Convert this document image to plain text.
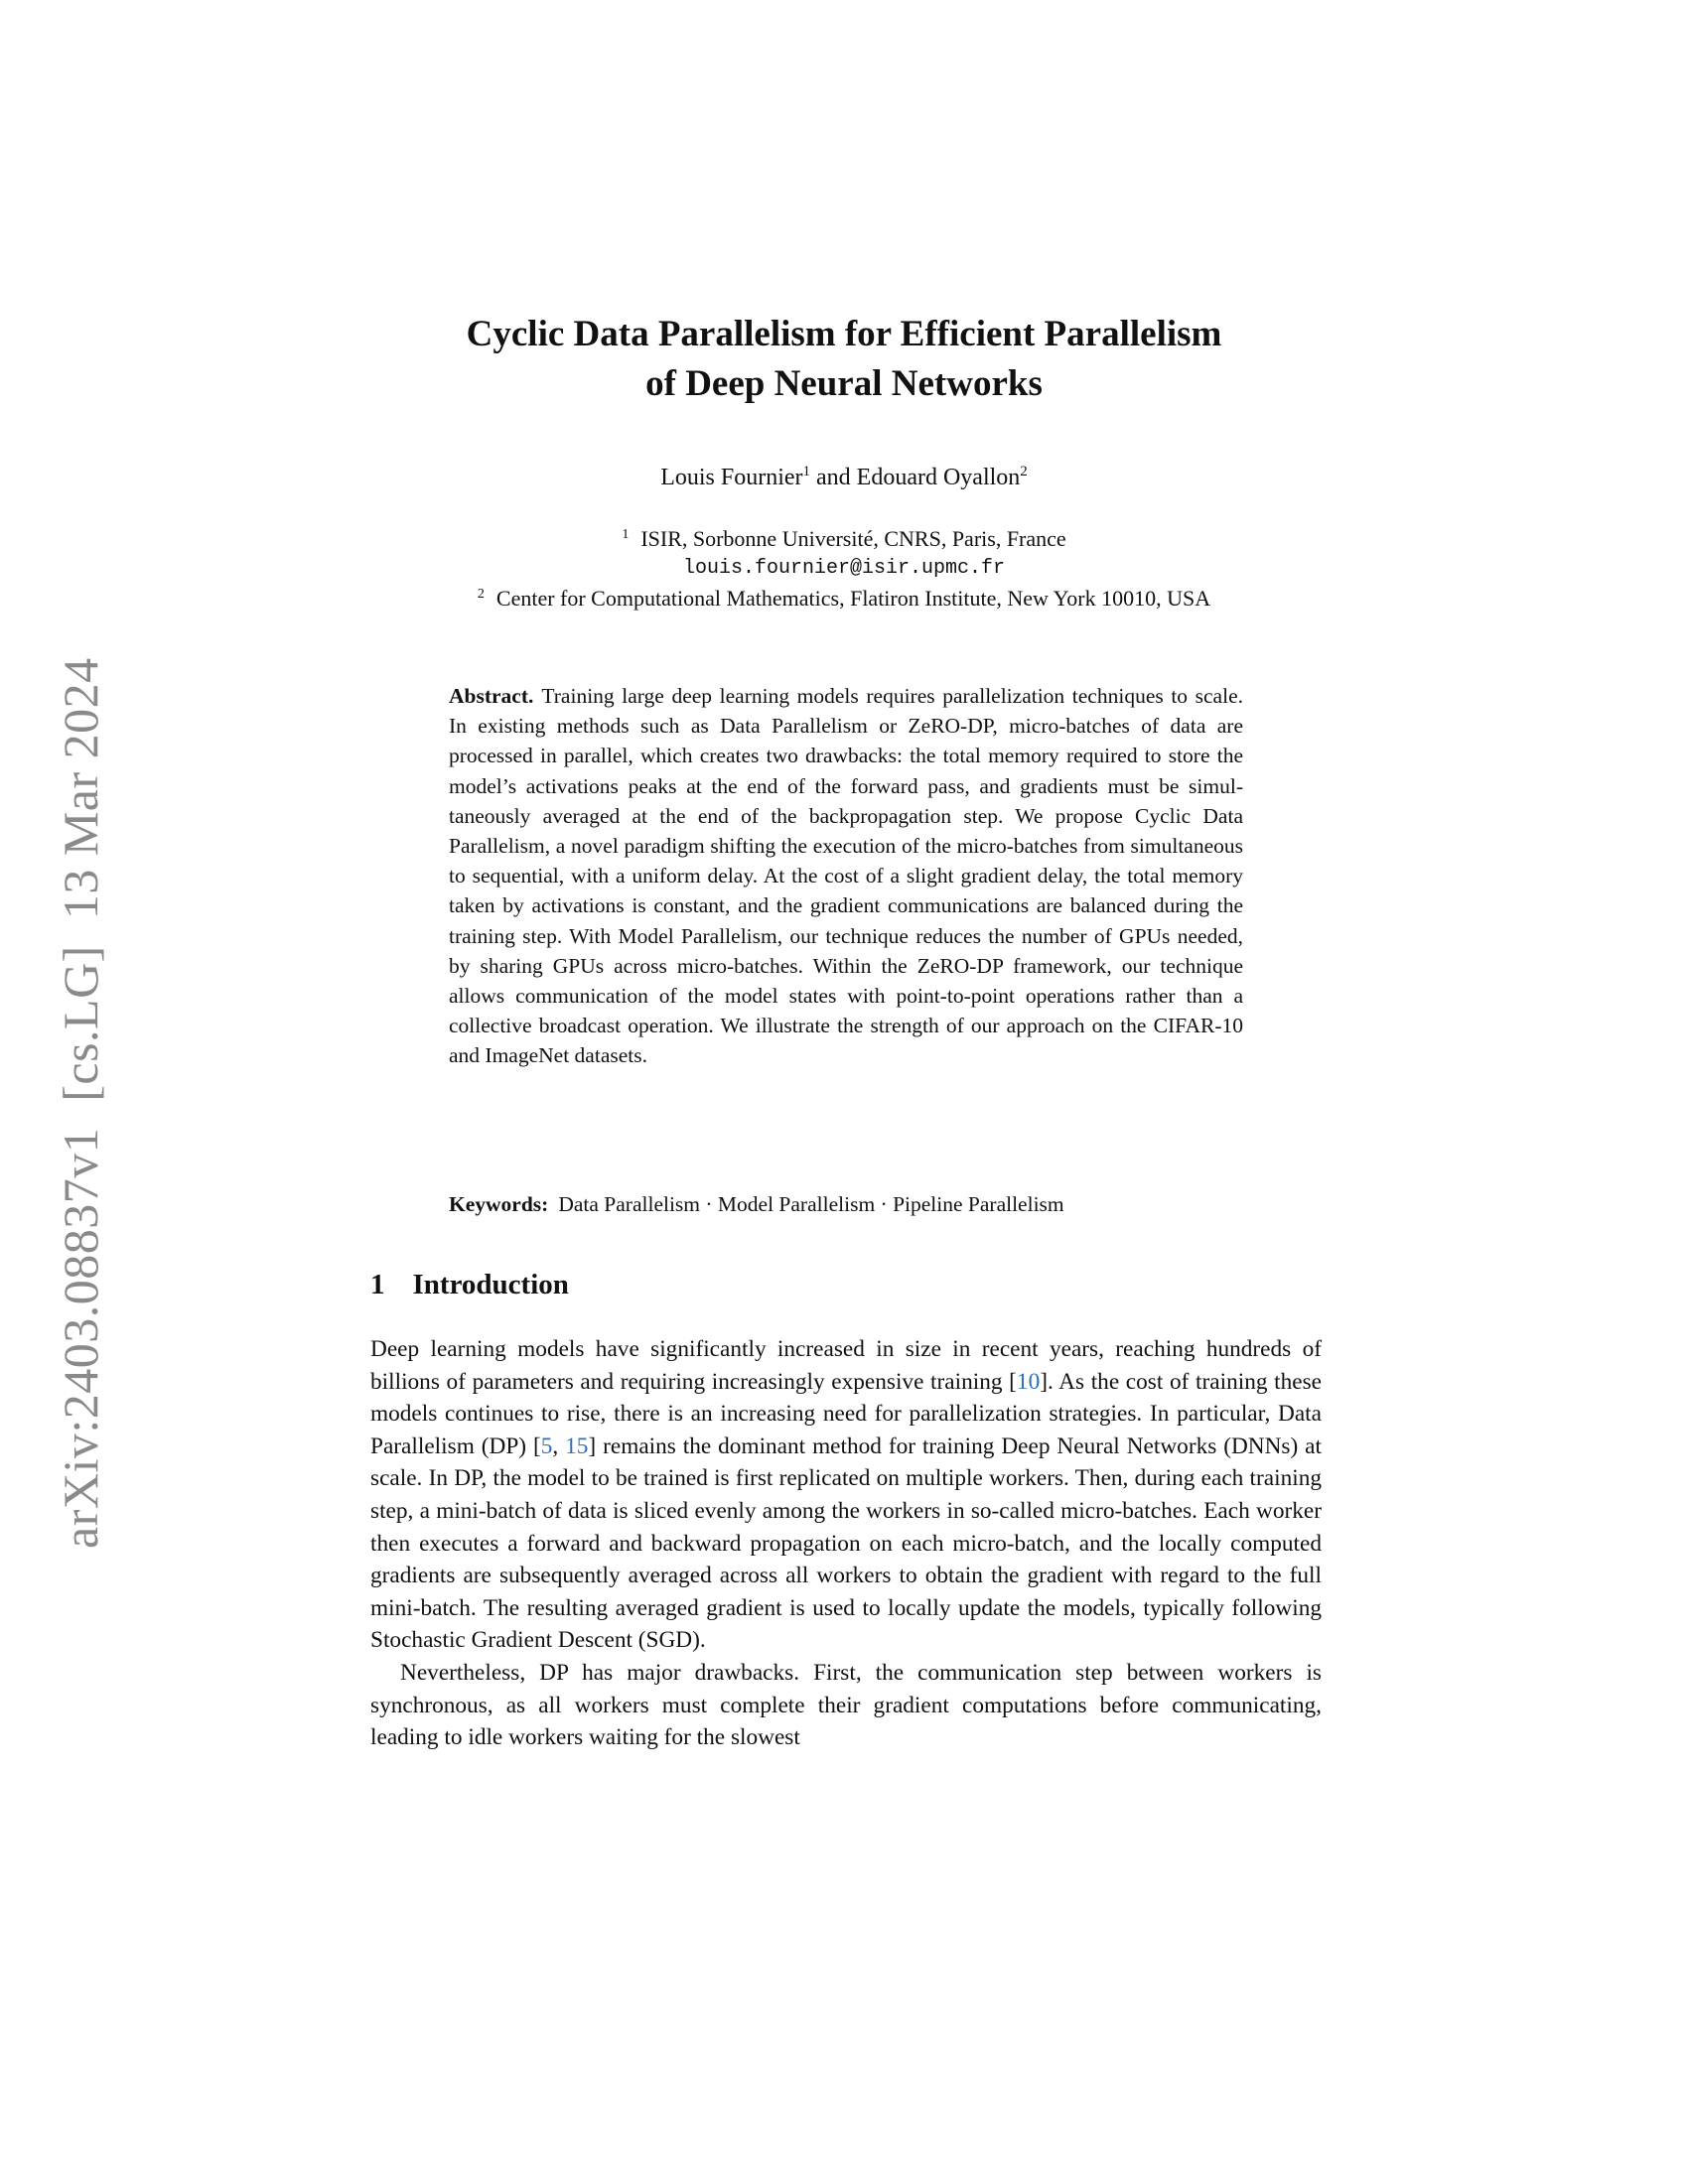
arXiv:2403.08837v1[cs.LG]13 Mar 2024
Cyclic Data Parallelism for Efficient Parallelism
of Deep Neural Networks
Louis Fournier$^1$ and Edouard Oyallon$^2$
$^1$ ISIR, Sorbonne Université, CNRS, Paris, France
louis.fournier@isir.upmc.fr
$^2$ Center for Computational Mathematics, Flatiron Institute, New York 10010, USA
Abstract. Training large deep learning models requires parallelization techniques to scale. In existing methods such as Data Parallelism or ZeRO-DP, micro-batches of data are processed in parallel, which creates two drawbacks: the total memory required to store the model’s activations peaks at the end of the forward pass, and gradients must be simultaneously averaged at the end of the backpropagation step. We propose Cyclic Data Parallelism, a novel paradigm shifting the execution of the micro-batches from simultaneous to sequential, with a uniform delay. At the cost of a slight gradient delay, the total memory taken by activations is constant, and the gradient communications are balanced during the training step. With Model Parallelism, our technique reduces the number of GPUs needed, by sharing GPUs across micro-batches. Within the ZeRO-DP framework, our technique allows communication of the model states with point-to-point operations rather than a collective broadcast operation. We illustrate the strength of our approach on the CIFAR-10 and ImageNet datasets.
Keywords: Data Parallelism · Model Parallelism · Pipeline Parallelism
1 Introduction

Deep learning models have significantly increased in size in recent years, reaching hundreds of billions of parameters and requiring increasingly expensive training [10]. As the cost of training these models continues to rise, there is an increasing need for parallelization strategies. In particular, Data Parallelism (DP) [5, 15] remains the dominant method for training Deep Neural Networks (DNNs) at scale. In DP, the model to be trained is first replicated on multiple workers. Then, during each training step, a mini-batch of data is sliced evenly among the workers in so-called micro-batches. Each worker then executes a forward and backward propagation on each micro-batch, and the locally computed gradients are subsequently averaged across all workers to obtain the gradient with regard to the full mini-batch. The resulting averaged gradient is used to locally update the models, typically following Stochastic Gradient Descent (SGD).

Nevertheless, DP has major drawbacks. First, the communication step between workers is synchronous, as all workers must complete their gradient computations before communicating, leading to idle workers waiting for the slowest
